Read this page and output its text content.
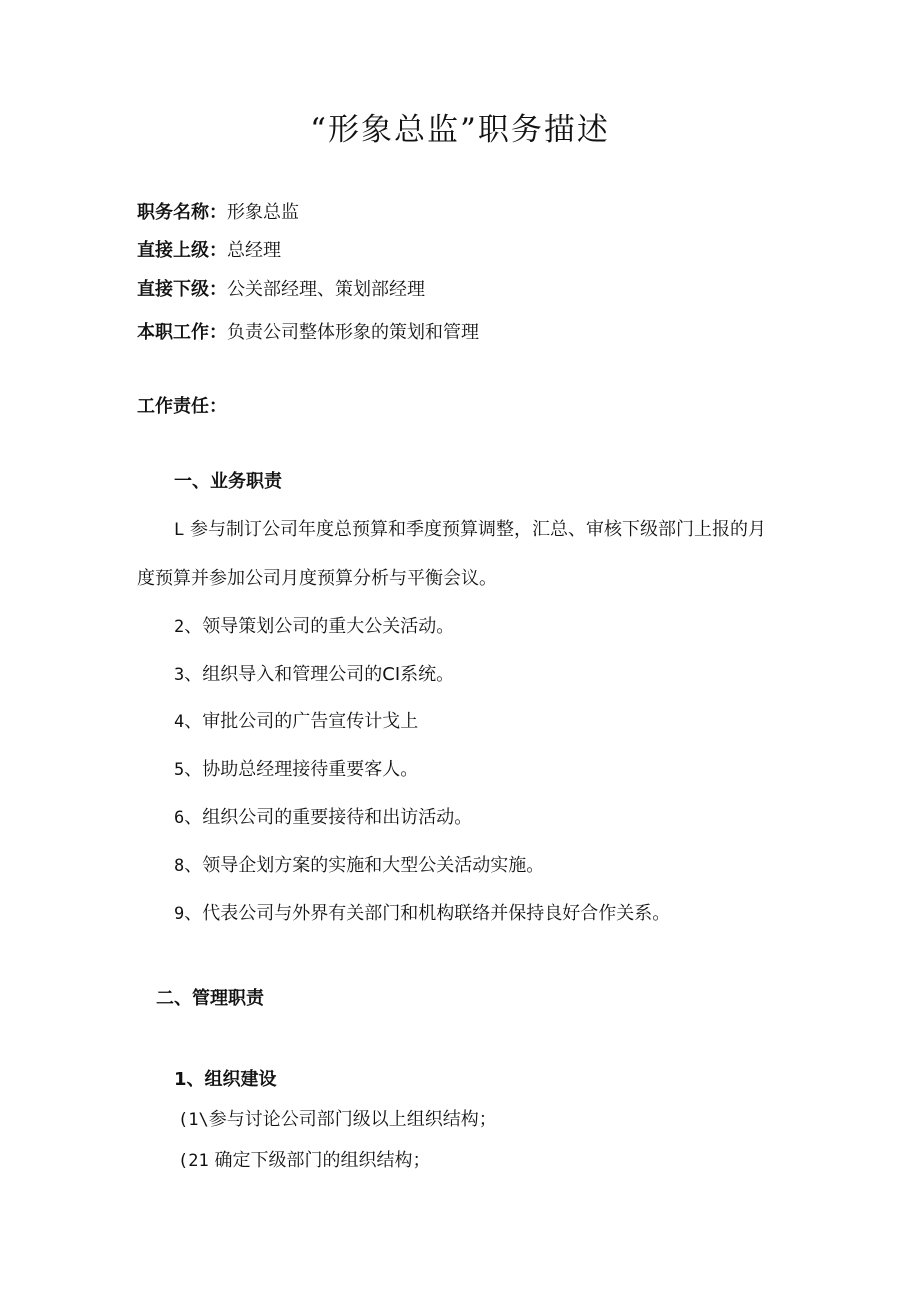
“形象总监”职务描述
职务名称：形象总监
直接上级：总经理
直接下级：公关部经理、策划部经理
本职工作：负责公司整体形象的策划和管理
工作责任：
一、业务职责
L 参与制订公司年度总预算和季度预算调整，汇总、审核下级部门上报的月
度预算并参加公司月度预算分析与平衡会议。
2、领导策划公司的重大公关活动。
3、组织导入和管理公司的CI系统。
4、审批公司的广告宣传计戈上
5、协助总经理接待重要客人。
6、组织公司的重要接待和出访活动。
8、领导企划方案的实施和大型公关活动实施。
9、代表公司与外界有关部门和机构联络并保持良好合作关系。
二、管理职责
1、组织建设
(1\参与讨论公司部门级以上组织结构；
(21 确定下级部门的组织结构；
